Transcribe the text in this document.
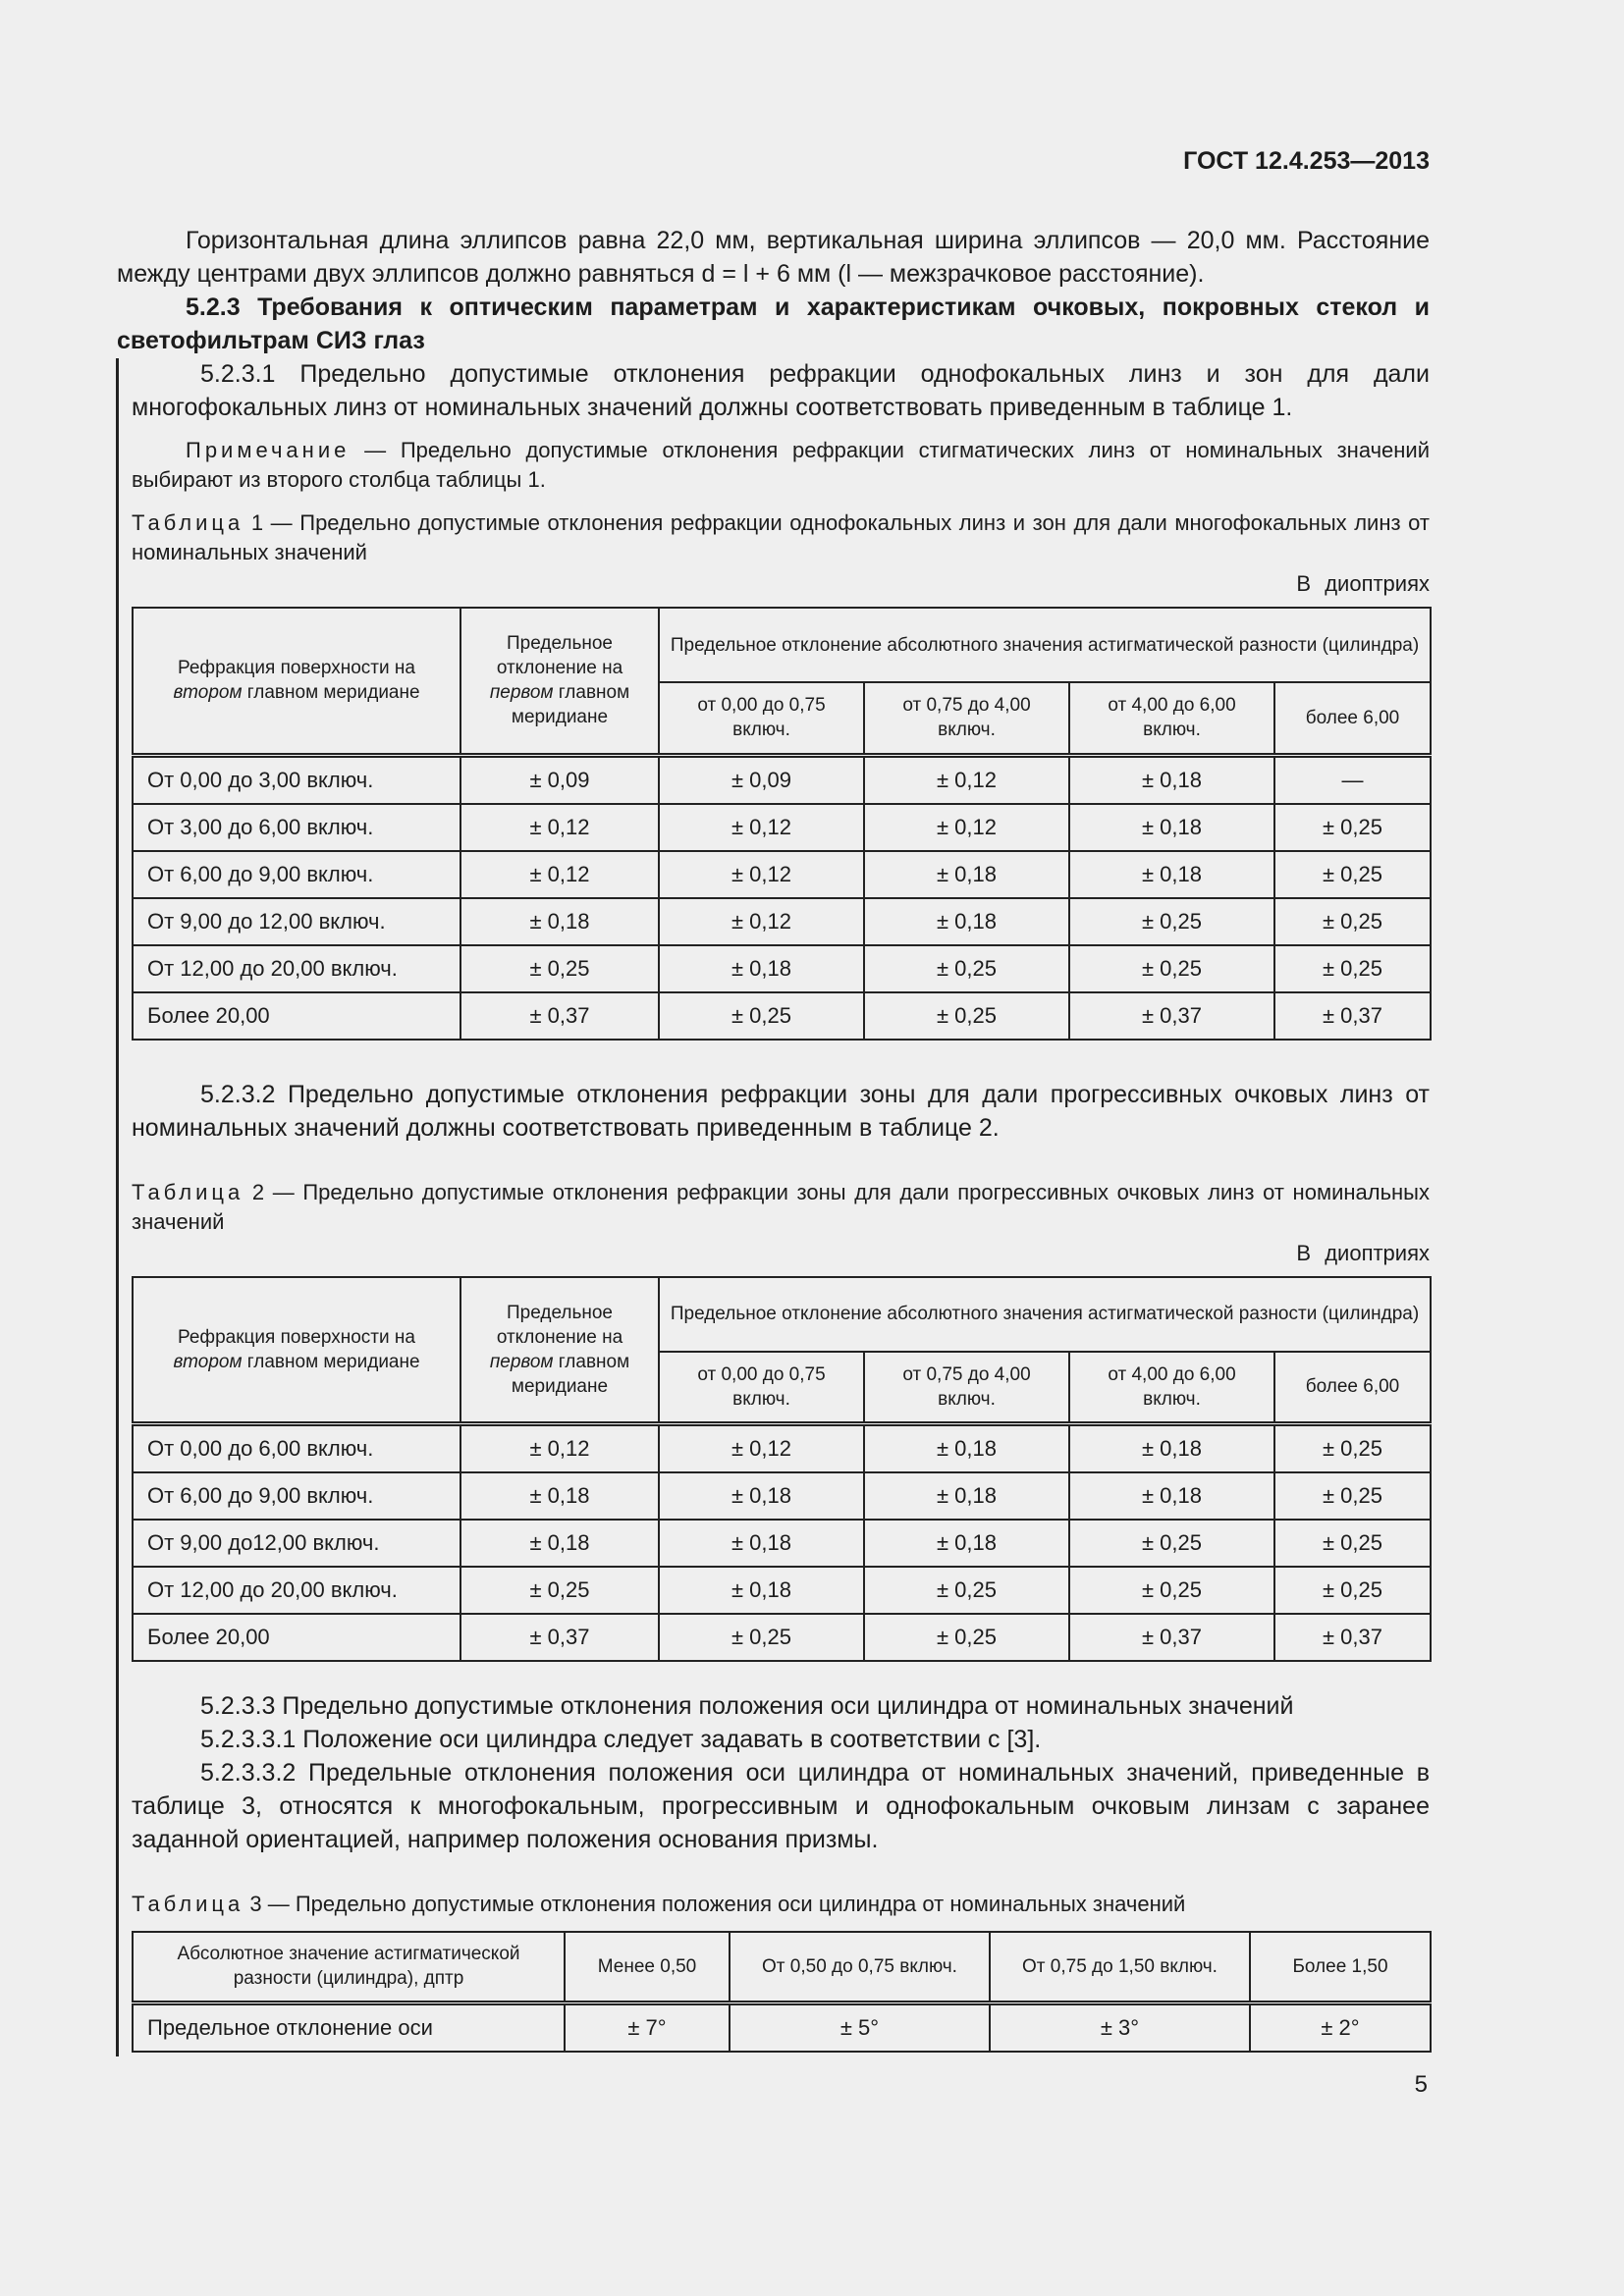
ГОСТ 12.4.253—2013

Горизонтальная длина эллипсов равна 22,0 мм, вертикальная ширина эллипсов — 20,0 мм. Расстояние между центрами двух эллипсов должно равняться d = l + 6 мм (l — межзрачковое расстояние).

5.2.3 Требования к оптическим параметрам и характеристикам очковых, покровных стекол и светофильтрам СИЗ глаз

5.2.3.1 Предельно допустимые отклонения рефракции однофокальных линз и зон для дали многофокальных линз от номинальных значений должны соответствовать приведенным в таблице 1.

Примечание — Предельно допустимые отклонения рефракции стигматических линз от номинальных значений выбирают из второго столбца таблицы 1.

Таблица 1 — Предельно допустимые отклонения рефракции однофокальных линз и зон для дали многофокальных линз от номинальных значений

В диоптриях
Рефракция поверхности на втором главном меридиане	Предельное отклонение на первом главном меридиане	Предельное отклонение абсолютного значения астигматической разности (цилиндра)			
		от 0,00 до 0,75 включ.	от 0,75 до 4,00 включ.	от 4,00 до 6,00 включ.	более 6,00
От 0,00 до 3,00 включ.	± 0,09	± 0,09	± 0,12	± 0,18	—
От 3,00 до 6,00 включ.	± 0,12	± 0,12	± 0,12	± 0,18	± 0,25
От 6,00 до 9,00 включ.	± 0,12	± 0,12	± 0,18	± 0,18	± 0,25
От 9,00 до 12,00 включ.	± 0,18	± 0,12	± 0,18	± 0,25	± 0,25
От 12,00 до 20,00 включ.	± 0,25	± 0,18	± 0,25	± 0,25	± 0,25
Более 20,00	± 0,37	± 0,25	± 0,25	± 0,37	± 0,37

5.2.3.2 Предельно допустимые отклонения рефракции зоны для дали прогрессивных очковых линз от номинальных значений должны соответствовать приведенным в таблице 2.

Таблица 2 — Предельно допустимые отклонения рефракции зоны для дали прогрессивных очковых линз от номинальных значений

В диоптриях
Рефракция поверхности на втором главном меридиане	Предельное отклонение на первом главном меридиане	Предельное отклонение абсолютного значения астигматической разности (цилиндра)			
		от 0,00 до 0,75 включ.	от 0,75 до 4,00 включ.	от 4,00 до 6,00 включ.	более 6,00
От 0,00 до 6,00 включ.	± 0,12	± 0,12	± 0,18	± 0,18	± 0,25
От 6,00 до 9,00 включ.	± 0,18	± 0,18	± 0,18	± 0,18	± 0,25
От 9,00 до12,00 включ.	± 0,18	± 0,18	± 0,18	± 0,25	± 0,25
От 12,00 до 20,00 включ.	± 0,25	± 0,18	± 0,25	± 0,25	± 0,25
Более 20,00	± 0,37	± 0,25	± 0,25	± 0,37	± 0,37

5.2.3.3 Предельно допустимые отклонения положения оси цилиндра от номинальных значений

5.2.3.3.1 Положение оси цилиндра следует задавать в соответствии с [3].

5.2.3.3.2 Предельные отклонения положения оси цилиндра от номинальных значений, приведенные в таблице 3, относятся к многофокальным, прогрессивным и однофокальным очковым линзам с заранее заданной ориентацией, например положения основания призмы.

Таблица 3 — Предельно допустимые отклонения положения оси цилиндра от номинальных значений

Абсолютное значение астигматической разности (цилиндра), дптр	Менее 0,50	От 0,50 до 0,75 включ.	От 0,75 до 1,50 включ.	Более 1,50
Предельное отклонение оси	± 7°	± 5°	± 3°	± 2°
5
